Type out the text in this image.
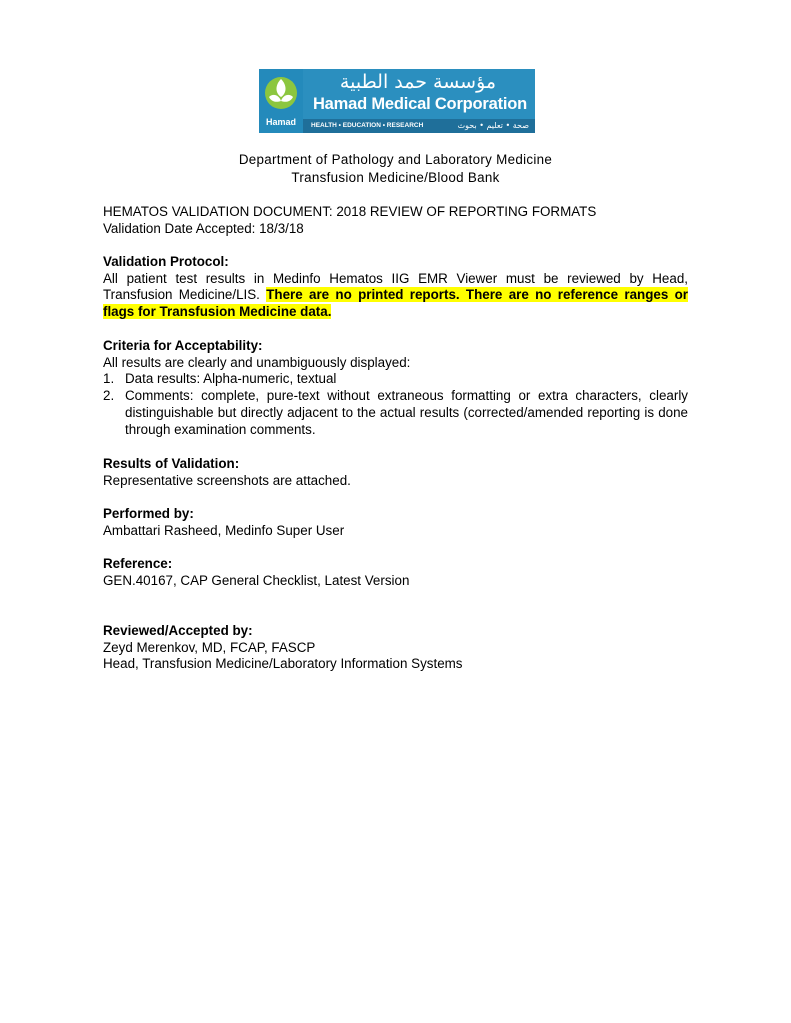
Hamad
مؤسسة حمد الطبية
Hamad Medical Corporation
HEALTH • EDUCATION • RESEARCH	صحة • تعليم • بحوث
Department of Pathology and Laboratory Medicine
Transfusion Medicine/Blood Bank

HEMATOS VALIDATION DOCUMENT: 2018 REVIEW OF REPORTING FORMATS

Validation Date Accepted: 18/3/18

Validation Protocol:

All patient test results in Medinfo Hematos IIG EMR Viewer must be reviewed by Head, Transfusion Medicine/LIS. There are no printed reports. There are no reference ranges or flags for Transfusion Medicine data.

Criteria for Acceptability:

All results are clearly and unambiguously displayed:

1. Data results: Alpha-numeric, textual
2. Comments: complete, pure-text without extraneous formatting or extra characters, clearly distinguishable but directly adjacent to the actual results (corrected/amended reporting is done through examination comments.

Results of Validation:

Representative screenshots are attached.

Performed by:

Ambattari Rasheed, Medinfo Super User

Reference:

GEN.40167, CAP General Checklist, Latest Version

Reviewed/Accepted by:

Zeyd Merenkov, MD, FCAP, FASCP

Head, Transfusion Medicine/Laboratory Information Systems
